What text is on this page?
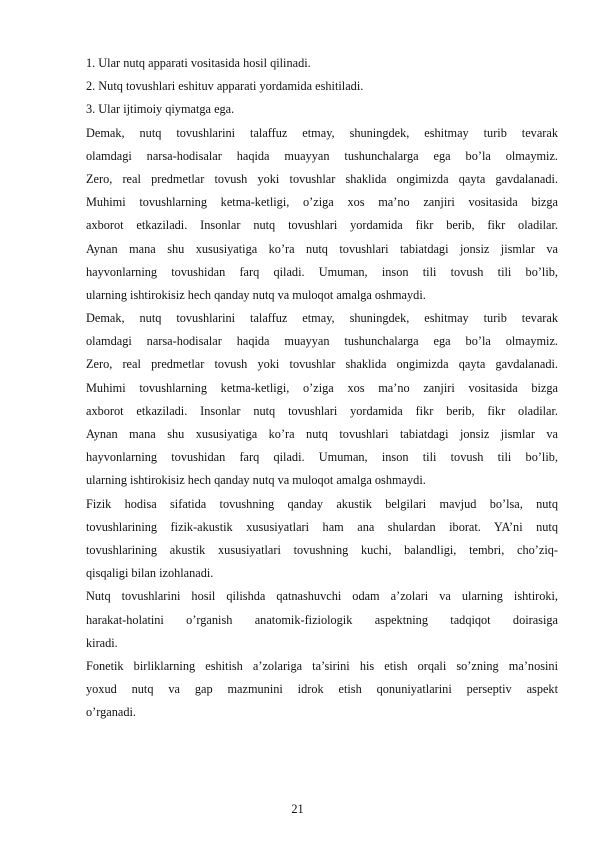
1. Ular nutq apparati vositasida hosil qilinadi.
2. Nutq tovushlari eshituv apparati yordamida eshitiladi.
3. Ular ijtimoiy qiymatga ega.
Demak, nutq tovushlarini talaffuz etmay, shuningdek, eshitmay turib tevarak
olamdagi narsa-hodisalar haqida muayyan tushunchalarga ega bo’la olmaymiz.
Zero, real predmetlar tovush yoki tovushlar shaklida ongimizda qayta gavdalanadi.
Muhimi tovushlarning ketma-ketligi, o’ziga xos ma’no zanjiri vositasida bizga
axborot etkaziladi. Insonlar nutq tovushlari yordamida fikr berib, fikr oladilar.
Aynan mana shu xususiyatiga ko’ra nutq tovushlari tabiatdagi jonsiz jismlar va
hayvonlarning tovushidan farq qiladi. Umuman, inson tili tovush tili bo’lib,
ularning ishtirokisiz hech qanday nutq va muloqot amalga oshmaydi.
Demak, nutq tovushlarini talaffuz etmay, shuningdek, eshitmay turib tevarak
olamdagi narsa-hodisalar haqida muayyan tushunchalarga ega bo’la olmaymiz.
Zero, real predmetlar tovush yoki tovushlar shaklida ongimizda qayta gavdalanadi.
Muhimi tovushlarning ketma-ketligi, o’ziga xos ma’no zanjiri vositasida bizga
axborot etkaziladi. Insonlar nutq tovushlari yordamida fikr berib, fikr oladilar.
Aynan mana shu xususiyatiga ko’ra nutq tovushlari tabiatdagi jonsiz jismlar va
hayvonlarning tovushidan farq qiladi. Umuman, inson tili tovush tili bo’lib,
ularning ishtirokisiz hech qanday nutq va muloqot amalga oshmaydi.
Fizik hodisa sifatida tovushning qanday akustik belgilari mavjud bo’lsa, nutq
tovushlarining fizik-akustik xususiyatlari ham ana shulardan iborat. YA’ni nutq
tovushlarining akustik xususiyatlari tovushning kuchi, balandligi, tembri, cho’ziq-
qisqaligi bilan izohlanadi.
Nutq tovushlarini hosil qilishda qatnashuvchi odam a’zolari va ularning ishtiroki,
harakat-holatini o’rganish anatomik-fiziologik aspektning tadqiqot doirasiga
kiradi.
Fonetik birliklarning eshitish a’zolariga ta’sirini his etish orqali so’zning ma’nosini
yoxud nutq va gap mazmunini idrok etish qonuniyatlarini perseptiv aspekt
o’rganadi.
21
